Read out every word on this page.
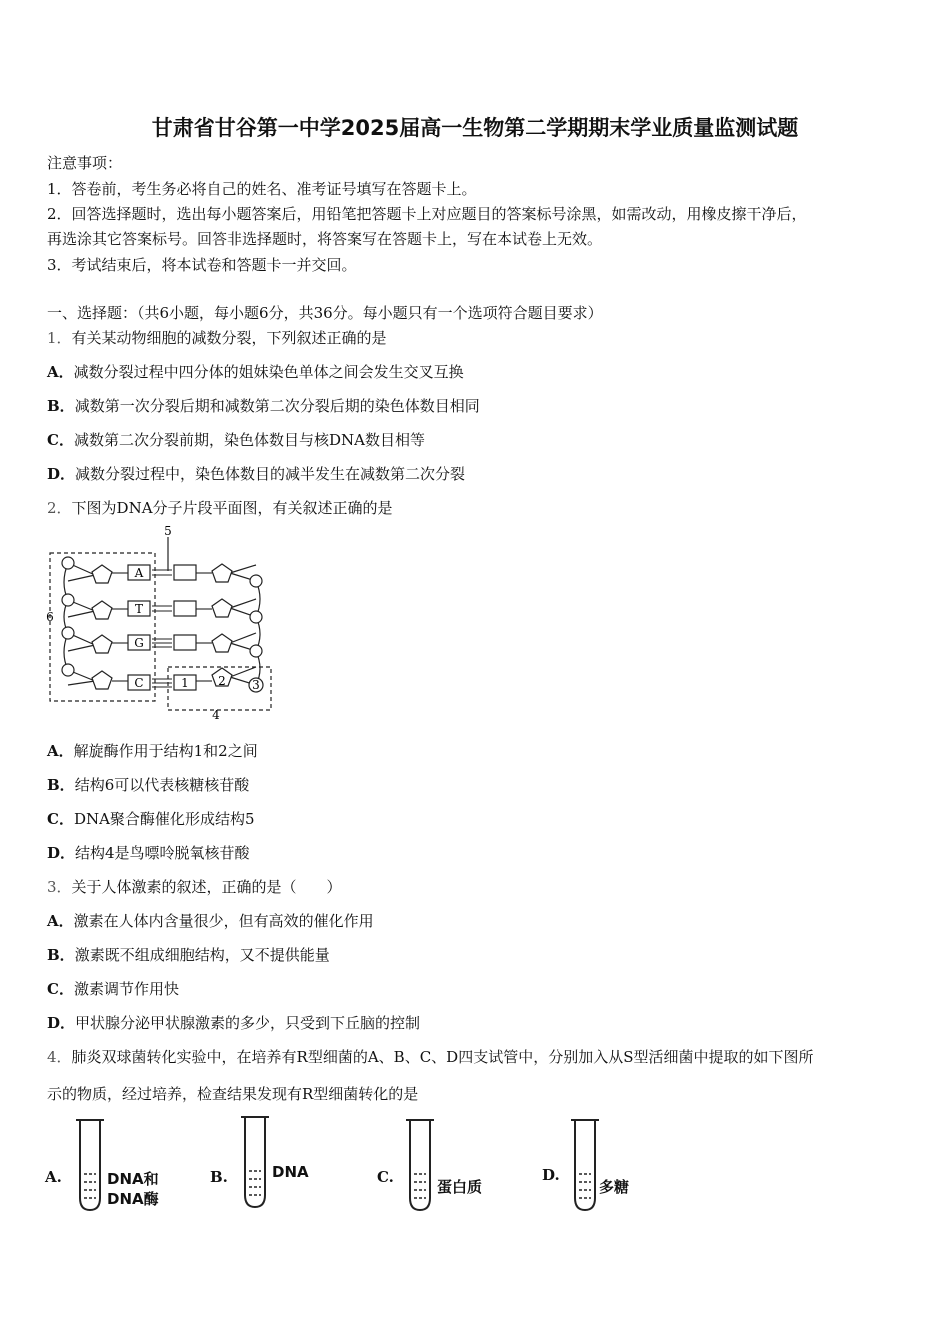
甘肃省甘谷第一中学2025届高一生物第二学期期末学业质量监测试题
注意事项：
1．答卷前，考生务必将自己的姓名、准考证号填写在答题卡上。
2．回答选择题时，选出每小题答案后，用铅笔把答题卡上对应题目的答案标号涂黑，如需改动，用橡皮擦干净后，
再选涂其它答案标号。回答非选择题时，将答案写在答题卡上，写在本试卷上无效。
3．考试结束后，将本试卷和答题卡一并交回。
一、选择题：（共6小题，每小题6分，共36分。每小题只有一个选项符合题目要求）
1．有关某动物细胞的减数分裂，下列叙述正确的是
A．减数分裂过程中四分体的姐妹染色单体之间会发生交叉互换
B．减数第一次分裂后期和减数第二次分裂后期的染色体数目相同
C．减数第二次分裂前期，染色体数目与核DNA数目相等
D．减数分裂过程中，染色体数目的减半发生在减数第二次分裂
2．下图为DNA分子片段平面图，有关叙述正确的是
A
T
G
C	1 2 3
4
5
6
A．解旋酶作用于结构1和2之间
B．结构6可以代表核糖核苷酸
C．DNA聚合酶催化形成结构5
D．结构4是鸟嘌呤脱氧核苷酸
3．关于人体激素的叙述，正确的是（　　）
A．激素在人体内含量很少，但有高效的催化作用
B．激素既不组成细胞结构，又不提供能量
C．激素调节作用快
D．甲状腺分泌甲状腺激素的多少，只受到下丘脑的控制
4．肺炎双球菌转化实验中，在培养有R型细菌的A、B、C、D四支试管中，分别加入从S型活细菌中提取的如下图所
示的物质，经过培养，检查结果发现有R型细菌转化的是
A.	DNA和
DNA酶
B.	DNA	C.
蛋白质
D.
多糖
